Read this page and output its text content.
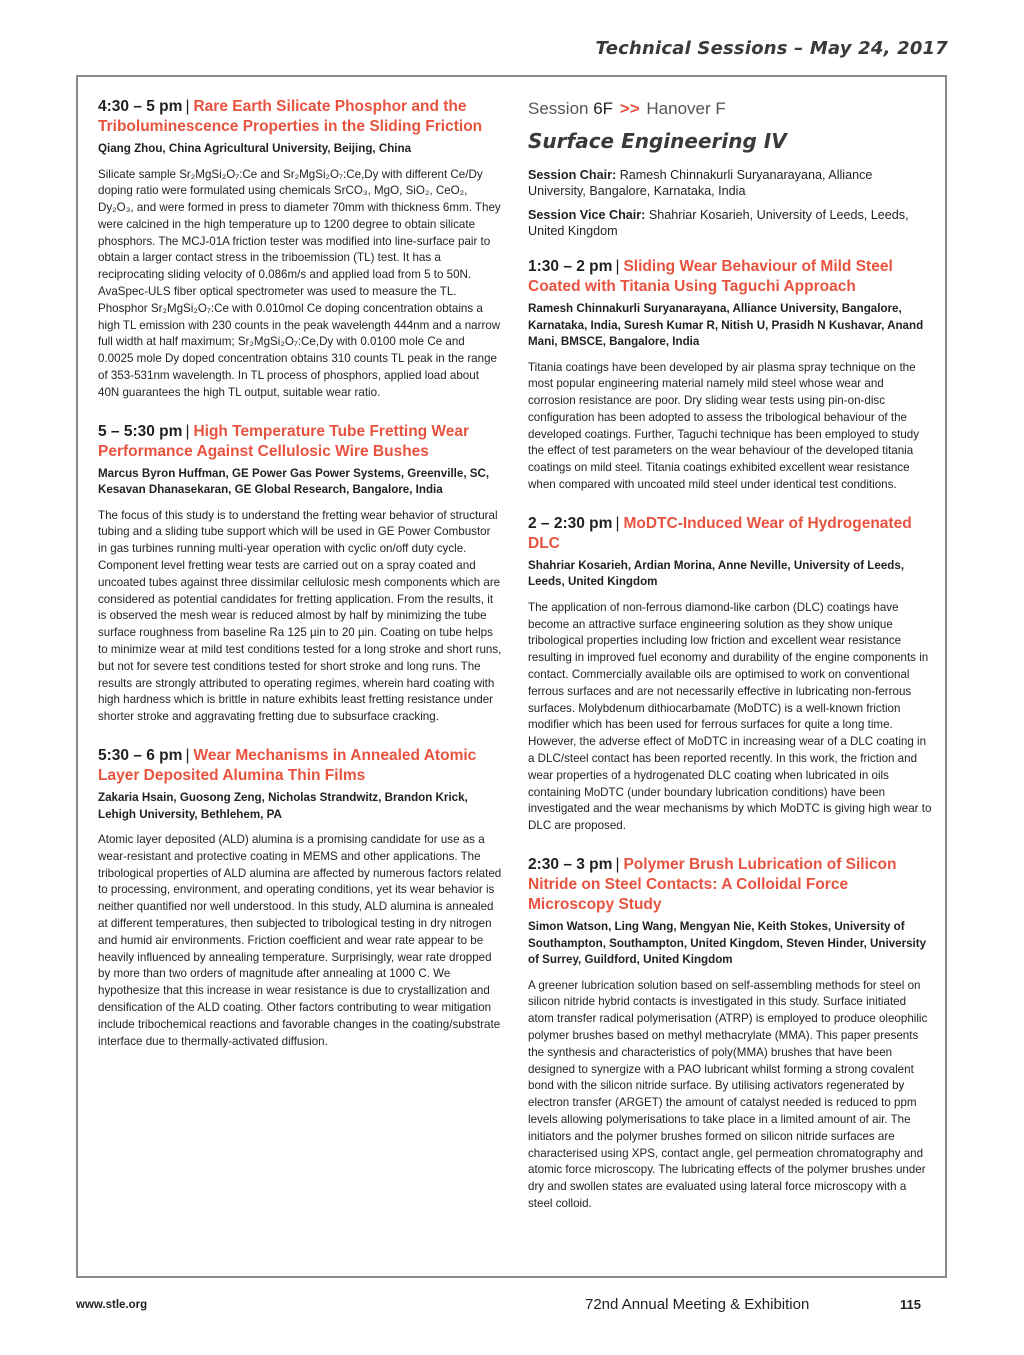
Technical Sessions – May 24, 2017
4:30 – 5 pm | Rare Earth Silicate Phosphor and the Triboluminescence Properties in the Sliding Friction
Qiang Zhou, China Agricultural University, Beijing, China
Silicate sample Sr₂MgSi₂O₇:Ce and Sr₂MgSi₂O₇:Ce,Dy with different Ce/Dy doping ratio were formulated using chemicals SrCO₃, MgO, SiO₂, CeO₂, Dy₂O₃, and were formed in press to diameter 70mm with thickness 6mm. They were calcined in the high temperature up to 1200 degree to obtain silicate phosphors. The MCJ-01A friction tester was modified into line-surface pair to obtain a larger contact stress in the triboemission (TL) test. It has a reciprocating sliding velocity of 0.086m/s and applied load from 5 to 50N. AvaSpec-ULS fiber optical spectrometer was used to measure the TL. Phosphor Sr₂MgSi₂O₇:Ce with 0.010mol Ce doping concentration obtains a high TL emission with 230 counts in the peak wavelength 444nm and a narrow full width at half maximum; Sr₂MgSi₂O₇:Ce,Dy with 0.0100 mole Ce and 0.0025 mole Dy doped concentration obtains 310 counts TL peak in the range of 353-531nm wavelength. In TL process of phosphors, applied load about 40N guarantees the high TL output, suitable wear ratio.
5 – 5:30 pm | High Temperature Tube Fretting Wear Performance Against Cellulosic Wire Bushes
Marcus Byron Huffman, GE Power Gas Power Systems, Greenville, SC, Kesavan Dhanasekaran, GE Global Research, Bangalore, India
The focus of this study is to understand the fretting wear behavior of structural tubing and a sliding tube support which will be used in GE Power Combustor in gas turbines running multi-year operation with cyclic on/off duty cycle. Component level fretting wear tests are carried out on a spray coated and uncoated tubes against three dissimilar cellulosic mesh components which are considered as potential candidates for fretting application. From the results, it is observed the mesh wear is reduced almost by half by minimizing the tube surface roughness from baseline Ra 125 µin to 20 µin. Coating on tube helps to minimize wear at mild test conditions tested for a long stroke and short runs, but not for severe test conditions tested for short stroke and long runs. The results are strongly attributed to operating regimes, wherein hard coating with high hardness which is brittle in nature exhibits least fretting resistance under shorter stroke and aggravating fretting due to subsurface cracking.
5:30 – 6 pm | Wear Mechanisms in Annealed Atomic Layer Deposited Alumina Thin Films
Zakaria Hsain, Guosong Zeng, Nicholas Strandwitz, Brandon Krick, Lehigh University, Bethlehem, PA
Atomic layer deposited (ALD) alumina is a promising candidate for use as a wear-resistant and protective coating in MEMS and other applications. The tribological properties of ALD alumina are affected by numerous factors related to processing, environment, and operating conditions, yet its wear behavior is neither quantified nor well understood. In this study, ALD alumina is annealed at different temperatures, then subjected to tribological testing in dry nitrogen and humid air environments. Friction coefficient and wear rate appear to be heavily influenced by annealing temperature. Surprisingly, wear rate dropped by more than two orders of magnitude after annealing at 1000 C. We hypothesize that this increase in wear resistance is due to crystallization and densification of the ALD coating. Other factors contributing to wear mitigation include tribochemical reactions and favorable changes in the coating/substrate interface due to thermally-activated diffusion.
Session 6F >> Hanover F
Surface Engineering IV
Session Chair: Ramesh Chinnakurli Suryanarayana, Alliance University, Bangalore, Karnataka, India
Session Vice Chair: Shahriar Kosarieh, University of Leeds, Leeds, United Kingdom
1:30 – 2 pm | Sliding Wear Behaviour of Mild Steel Coated with Titania Using Taguchi Approach
Ramesh Chinnakurli Suryanarayana, Alliance University, Bangalore, Karnataka, India, Suresh Kumar R, Nitish U, Prasidh N Kushavar, Anand Mani, BMSCE, Bangalore, India
Titania coatings have been developed by air plasma spray technique on the most popular engineering material namely mild steel whose wear and corrosion resistance are poor. Dry sliding wear tests using pin-on-disc configuration has been adopted to assess the tribological behaviour of the developed coatings. Further, Taguchi technique has been employed to study the effect of test parameters on the wear behaviour of the developed titania coatings on mild steel. Titania coatings exhibited excellent wear resistance when compared with uncoated mild steel under identical test conditions.
2 – 2:30 pm | MoDTC-Induced Wear of Hydrogenated DLC
Shahriar Kosarieh, Ardian Morina, Anne Neville, University of Leeds, Leeds, United Kingdom
The application of non-ferrous diamond-like carbon (DLC) coatings have become an attractive surface engineering solution as they show unique tribological properties including low friction and excellent wear resistance resulting in improved fuel economy and durability of the engine components in contact. Commercially available oils are optimised to work on conventional ferrous surfaces and are not necessarily effective in lubricating non-ferrous surfaces. Molybdenum dithiocarbamate (MoDTC) is a well-known friction modifier which has been used for ferrous surfaces for quite a long time. However, the adverse effect of MoDTC in increasing wear of a DLC coating in a DLC/steel contact has been reported recently. In this work, the friction and wear properties of a hydrogenated DLC coating when lubricated in oils containing MoDTC (under boundary lubrication conditions) have been investigated and the wear mechanisms by which MoDTC is giving high wear to DLC are proposed.
2:30 – 3 pm | Polymer Brush Lubrication of Silicon Nitride on Steel Contacts: A Colloidal Force Microscopy Study
Simon Watson, Ling Wang, Mengyan Nie, Keith Stokes, University of Southampton, Southampton, United Kingdom, Steven Hinder, University of Surrey, Guildford, United Kingdom
A greener lubrication solution based on self-assembling methods for steel on silicon nitride hybrid contacts is investigated in this study. Surface initiated atom transfer radical polymerisation (ATRP) is employed to produce oleophilic polymer brushes based on methyl methacrylate (MMA). This paper presents the synthesis and characteristics of poly(MMA) brushes that have been designed to synergize with a PAO lubricant whilst forming a strong covalent bond with the silicon nitride surface. By utilising activators regenerated by electron transfer (ARGET) the amount of catalyst needed is reduced to ppm levels allowing polymerisations to take place in a limited amount of air. The initiators and the polymer brushes formed on silicon nitride surfaces are characterised using XPS, contact angle, gel permeation chromatography and atomic force microscopy. The lubricating effects of the polymer brushes under dry and swollen states are evaluated using lateral force microscopy with a steel colloid.
www.stle.org	72nd Annual Meeting & Exhibition	115
